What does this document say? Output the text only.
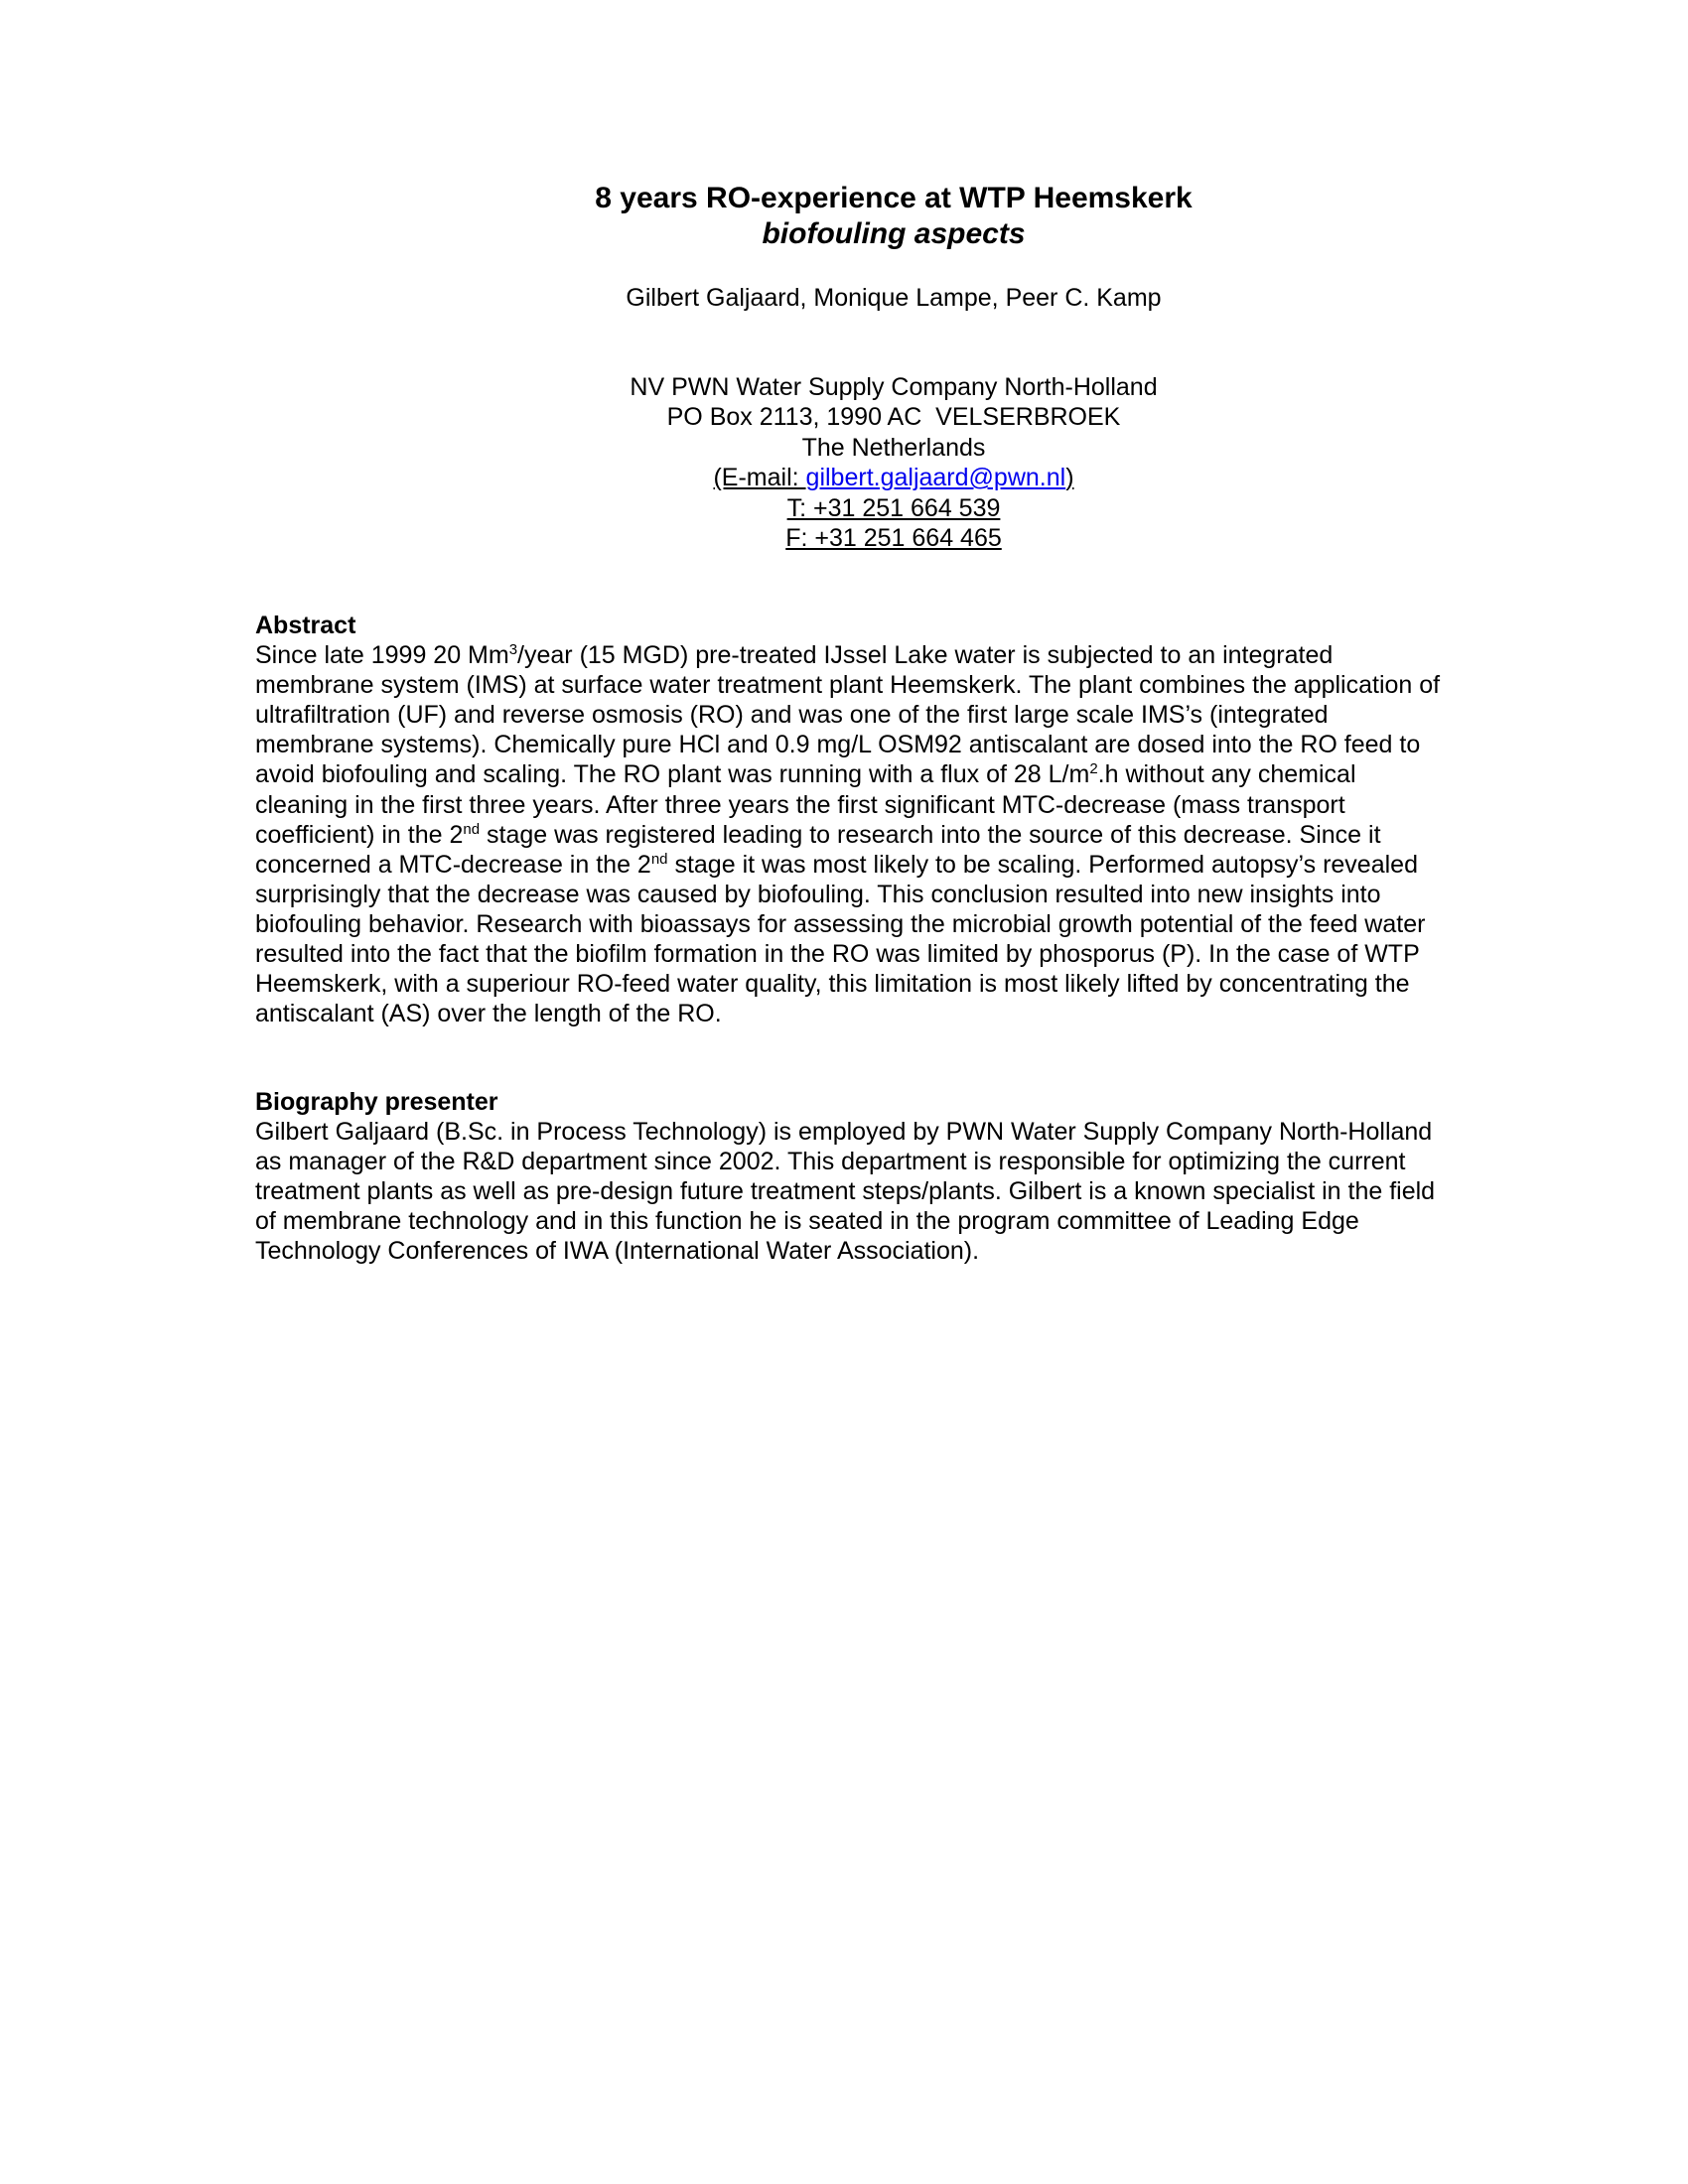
8 years RO-experience at WTP Heemskerk
biofouling aspects
Gilbert Galjaard, Monique Lampe, Peer C. Kamp
NV PWN Water Supply Company North-Holland
PO Box 2113, 1990 AC  VELSERBROEK
The Netherlands
(E-mail: gilbert.galjaard@pwn.nl)
T: +31 251 664 539
F: +31 251 664 465
Abstract

Since late 1999 20 Mm$^3$/year (15 MGD) pre-treated IJssel Lake water is subjected to an integrated membrane system (IMS) at surface water treatment plant Heemskerk. The plant combines the application of ultrafiltration (UF) and reverse osmosis (RO) and was one of the first large scale IMS’s (integrated membrane systems). Chemically pure HCl and 0.9 mg/L OSM92 antiscalant are dosed into the RO feed to avoid biofouling and scaling. The RO plant was running with a flux of 28 $L/m^2.h$ without any chemical cleaning in the first three years. After three years the first significant MTC-decrease (mass transport coefficient) in the 2nd stage was registered leading to research into the source of this decrease. Since it concerned a MTC-decrease in the 2nd stage it was most likely to be scaling. Performed autopsy’s revealed surprisingly that the decrease was caused by biofouling. This conclusion resulted into new insights into biofouling behavior. Research with bioassays for assessing the microbial growth potential of the feed water resulted into the fact that the biofilm formation in the RO was limited by phosporus (P). In the case of WTP Heemskerk, with a superiour RO-feed water quality, this limitation is most likely lifted by concentrating the antiscalant (AS) over the length of the RO.

Biography presenter

Gilbert Galjaard (B.Sc. in Process Technology) is employed by PWN Water Supply Company North-Holland as manager of the R&D department since 2002. This department is responsible for optimizing the current treatment plants as well as pre-design future treatment steps/plants. Gilbert is a known specialist in the field of membrane technology and in this function he is seated in the program committee of Leading Edge Technology Conferences of IWA (International Water Association).
